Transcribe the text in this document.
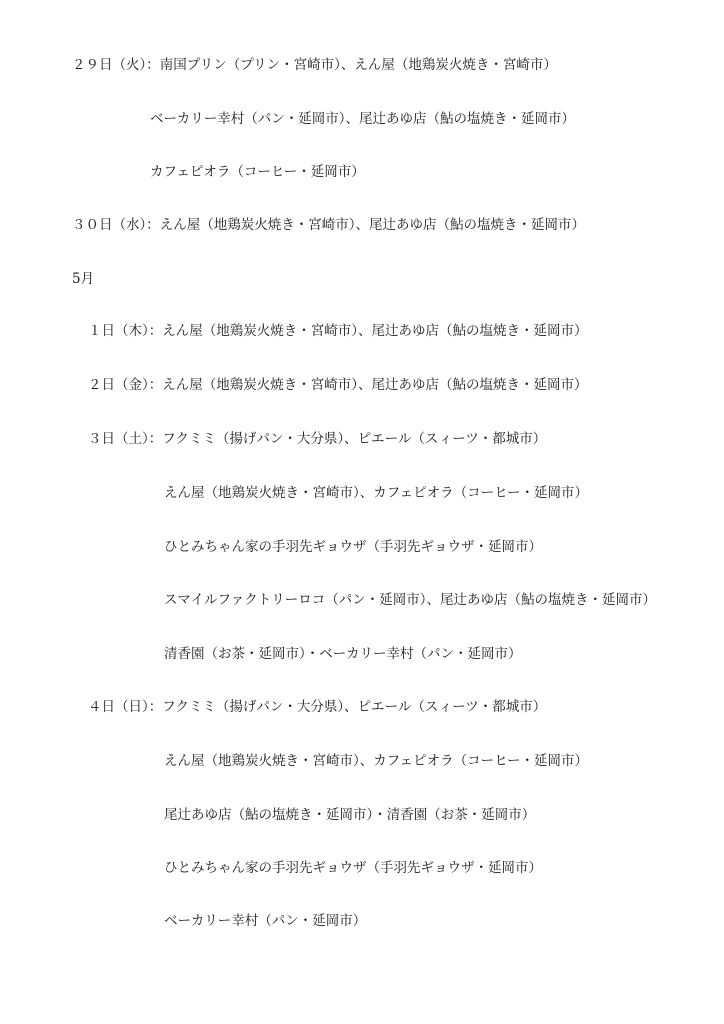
２９日（火）：南国プリン（プリン・宮崎市）、えん屋（地鶏炭火焼き・宮崎市）
ベーカリー幸村（パン・延岡市）、尾辻あゆ店（鮎の塩焼き・延岡市）
カフェピオラ（コーヒー・延岡市）
３０日（水）：えん屋（地鶏炭火焼き・宮崎市）、尾辻あゆ店（鮎の塩焼き・延岡市）
5月
１日（木）：えん屋（地鶏炭火焼き・宮崎市）、尾辻あゆ店（鮎の塩焼き・延岡市）
２日（金）：えん屋（地鶏炭火焼き・宮崎市）、尾辻あゆ店（鮎の塩焼き・延岡市）
３日（土）：フクミミ（揚げパン・大分県）、ピエール（スィーツ・都城市）
えん屋（地鶏炭火焼き・宮崎市）、カフェピオラ（コーヒー・延岡市）
ひとみちゃん家の手羽先ギョウザ（手羽先ギョウザ・延岡市）
スマイルファクトリーロコ（パン・延岡市）、尾辻あゆ店（鮎の塩焼き・延岡市）
清香園（お茶・延岡市）・ベーカリー幸村（パン・延岡市）
４日（日）：フクミミ（揚げパン・大分県）、ピエール（スィーツ・都城市）
えん屋（地鶏炭火焼き・宮崎市）、カフェピオラ（コーヒー・延岡市）
尾辻あゆ店（鮎の塩焼き・延岡市）・清香園（お茶・延岡市）
ひとみちゃん家の手羽先ギョウザ（手羽先ギョウザ・延岡市）
ベーカリー幸村（パン・延岡市）
